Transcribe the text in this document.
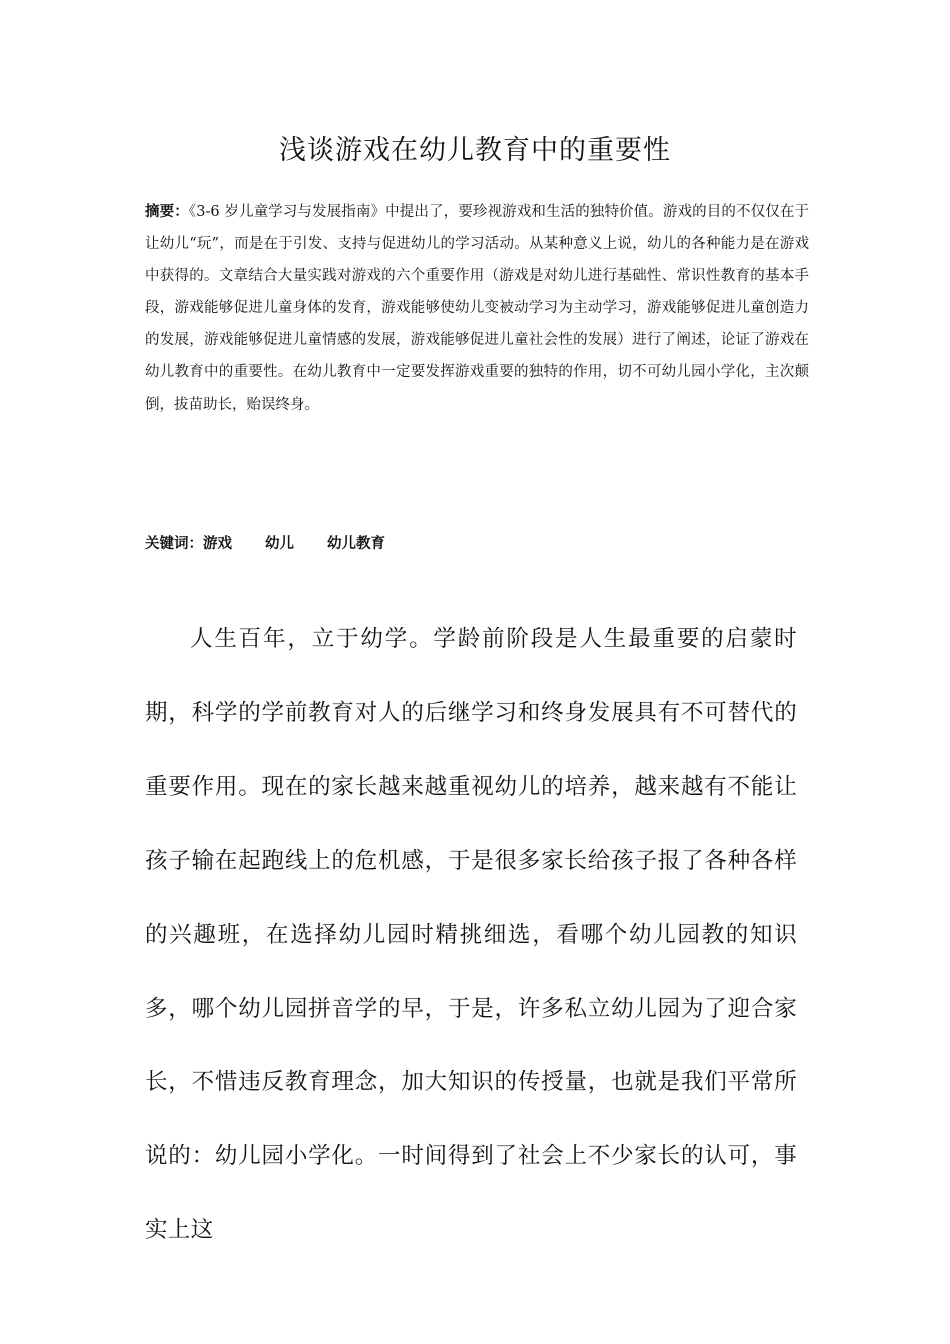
浅谈游戏在幼儿教育中的重要性

摘要：《3-6 岁儿童学习与发展指南》中提出了，要珍视游戏和生活的独特价值。游戏的目的不仅仅在于让幼儿“玩”，而是在于引发、支持与促进幼儿的学习活动。从某种意义上说，幼儿的各种能力是在游戏中获得的。文章结合大量实践对游戏的六个重要作用（游戏是对幼儿进行基础性、常识性教育的基本手段，游戏能够促进儿童身体的发育，游戏能够使幼儿变被动学习为主动学习，游戏能够促进儿童创造力的发展，游戏能够促进儿童情感的发展，游戏能够促进儿童社会性的发展）进行了阐述，论证了游戏在幼儿教育中的重要性。在幼儿教育中一定要发挥游戏重要的独特的作用，切不可幼儿园小学化，主次颠倒，拔苗助长，贻误终身。

关键词：游戏 幼儿 幼儿教育

人生百年，立于幼学。学龄前阶段是人生最重要的启蒙时期，科学的学前教育对人的后继学习和终身发展具有不可替代的重要作用。现在的家长越来越重视幼儿的培养，越来越有不能让孩子输在起跑线上的危机感，于是很多家长给孩子报了各种各样的兴趣班，在选择幼儿园时精挑细选，看哪个幼儿园教的知识多，哪个幼儿园拼音学的早，于是，许多私立幼儿园为了迎合家长，不惜违反教育理念，加大知识的传授量，也就是我们平常所说的：幼儿园小学化。一时间得到了社会上不少家长的认可，事实上这
